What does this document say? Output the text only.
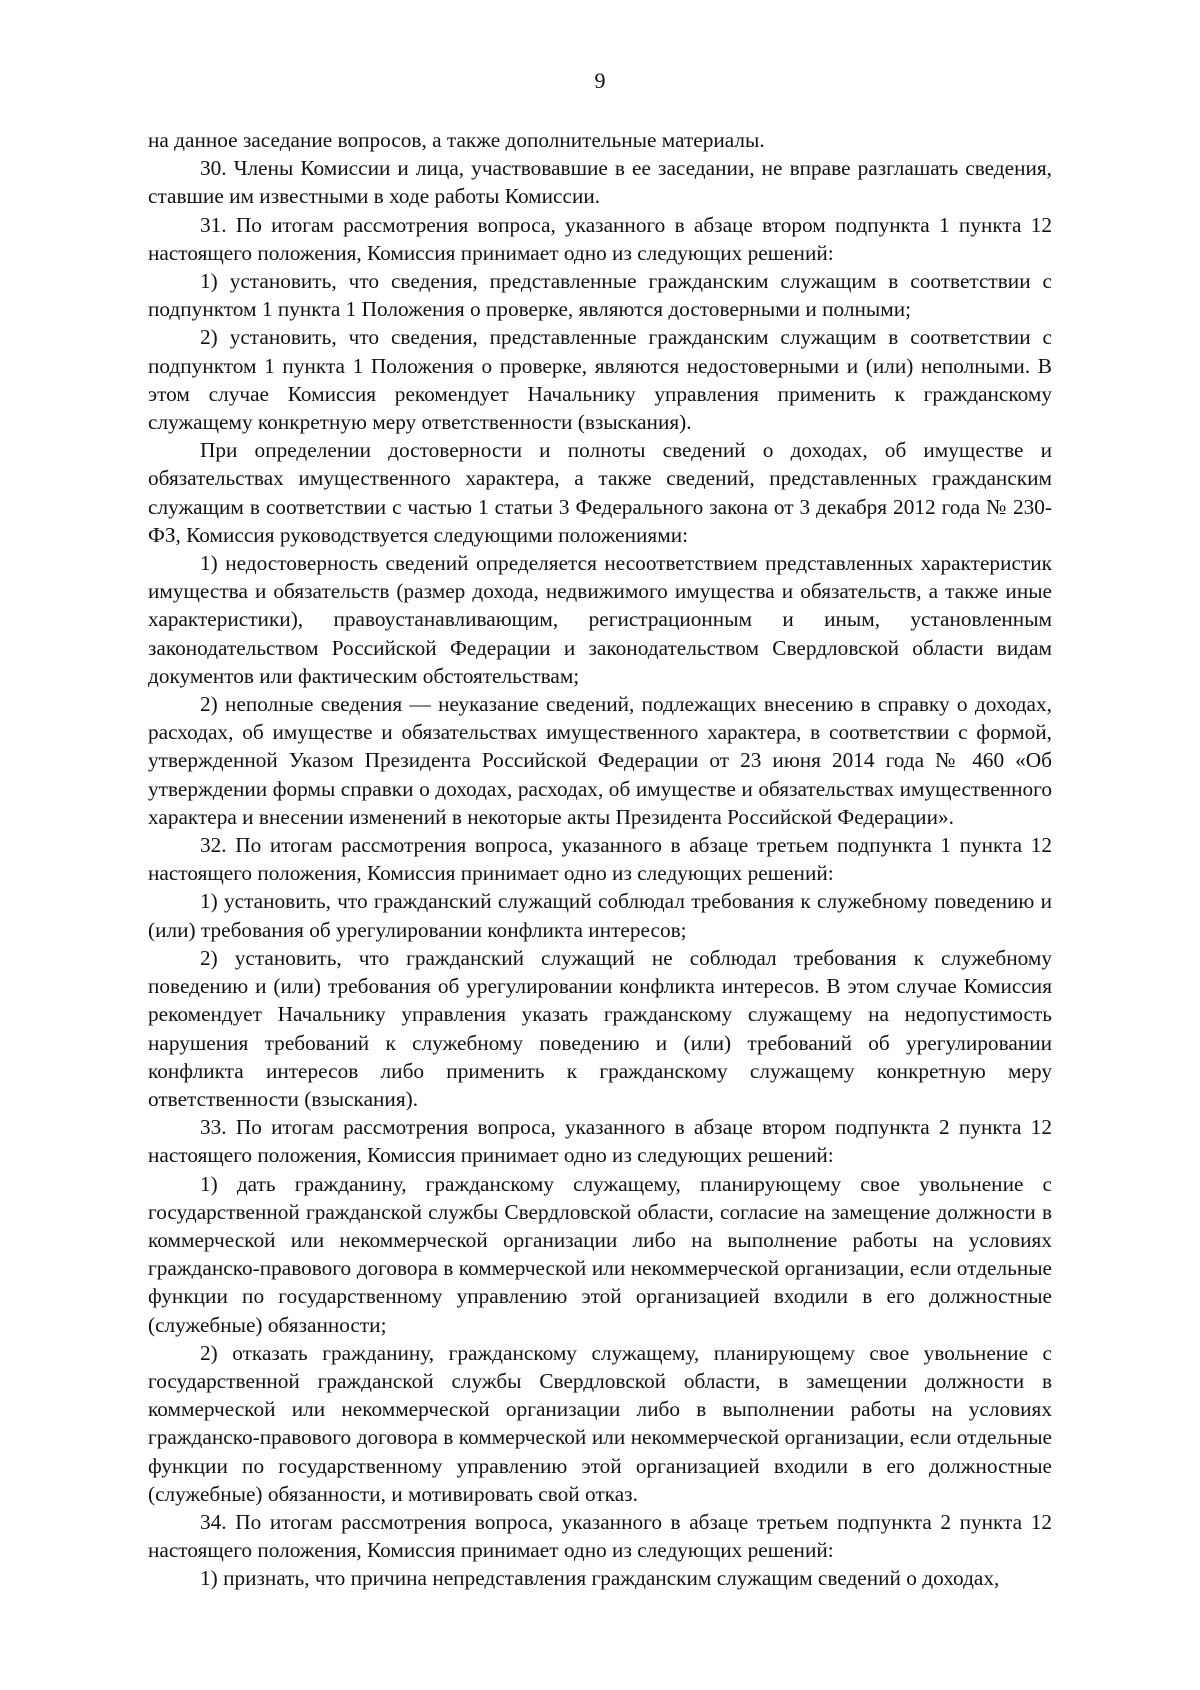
9

на данное заседание вопросов, а также дополнительные материалы.

30. Члены Комиссии и лица, участвовавшие в ее заседании, не вправе разглашать сведения, ставшие им известными в ходе работы Комиссии.

31. По итогам рассмотрения вопроса, указанного в абзаце втором подпункта 1 пункта 12 настоящего положения, Комиссия принимает одно из следующих решений:

1) установить, что сведения, представленные гражданским служащим в соответствии с подпунктом 1 пункта 1 Положения о проверке, являются достоверными и полными;

2) установить, что сведения, представленные гражданским служащим в соответствии с подпунктом 1 пункта 1 Положения о проверке, являются недостоверными и (или) неполными. В этом случае Комиссия рекомендует Начальнику управления применить к гражданскому служащему конкретную меру ответственности (взыскания).

При определении достоверности и полноты сведений о доходах, об имуществе и обязательствах имущественного характера, а также сведений, представленных гражданским служащим в соответствии с частью 1 статьи 3 Федерального закона от 3 декабря 2012 года № 230-ФЗ, Комиссия руководствуется следующими положениями:

1) недостоверность сведений определяется несоответствием представленных характеристик имущества и обязательств (размер дохода, недвижимого имущества и обязательств, а также иные характеристики), правоустанавливающим, регистрационным и иным, установленным законодательством Российской Федерации и законодательством Свердловской области видам документов или фактическим обстоятельствам;

2) неполные сведения — неуказание сведений, подлежащих внесению в справку о доходах, расходах, об имуществе и обязательствах имущественного характера, в соответствии с формой, утвержденной Указом Президента Российской Федерации от 23 июня 2014 года № 460 «Об утверждении формы справки о доходах, расходах, об имуществе и обязательствах имущественного характера и внесении изменений в некоторые акты Президента Российской Федерации».

32. По итогам рассмотрения вопроса, указанного в абзаце третьем подпункта 1 пункта 12 настоящего положения, Комиссия принимает одно из следующих решений:

1) установить, что гражданский служащий соблюдал требования к служебному поведению и (или) требования об урегулировании конфликта интересов;

2) установить, что гражданский служащий не соблюдал требования к служебному поведению и (или) требования об урегулировании конфликта интересов. В этом случае Комиссия рекомендует Начальнику управления указать гражданскому служащему на недопустимость нарушения требований к служебному поведению и (или) требований об урегулировании конфликта интересов либо применить к гражданскому служащему конкретную меру ответственности (взыскания).

33. По итогам рассмотрения вопроса, указанного в абзаце втором подпункта 2 пункта 12 настоящего положения, Комиссия принимает одно из следующих решений:

1) дать гражданину, гражданскому служащему, планирующему свое увольнение с государственной гражданской службы Свердловской области, согласие на замещение должности в коммерческой или некоммерческой организации либо на выполнение работы на условиях гражданско-правового договора в коммерческой или некоммерческой организации, если отдельные функции по государственному управлению этой организацией входили в его должностные (служебные) обязанности;

2) отказать гражданину, гражданскому служащему, планирующему свое увольнение с государственной гражданской службы Свердловской области, в замещении должности в коммерческой или некоммерческой организации либо в выполнении работы на условиях гражданско-правового договора в коммерческой или некоммерческой организации, если отдельные функции по государственному управлению этой организацией входили в его должностные (служебные) обязанности, и мотивировать свой отказ.

34. По итогам рассмотрения вопроса, указанного в абзаце третьем подпункта 2 пункта 12 настоящего положения, Комиссия принимает одно из следующих решений:

1) признать, что причина непредставления гражданским служащим сведений о доходах,
